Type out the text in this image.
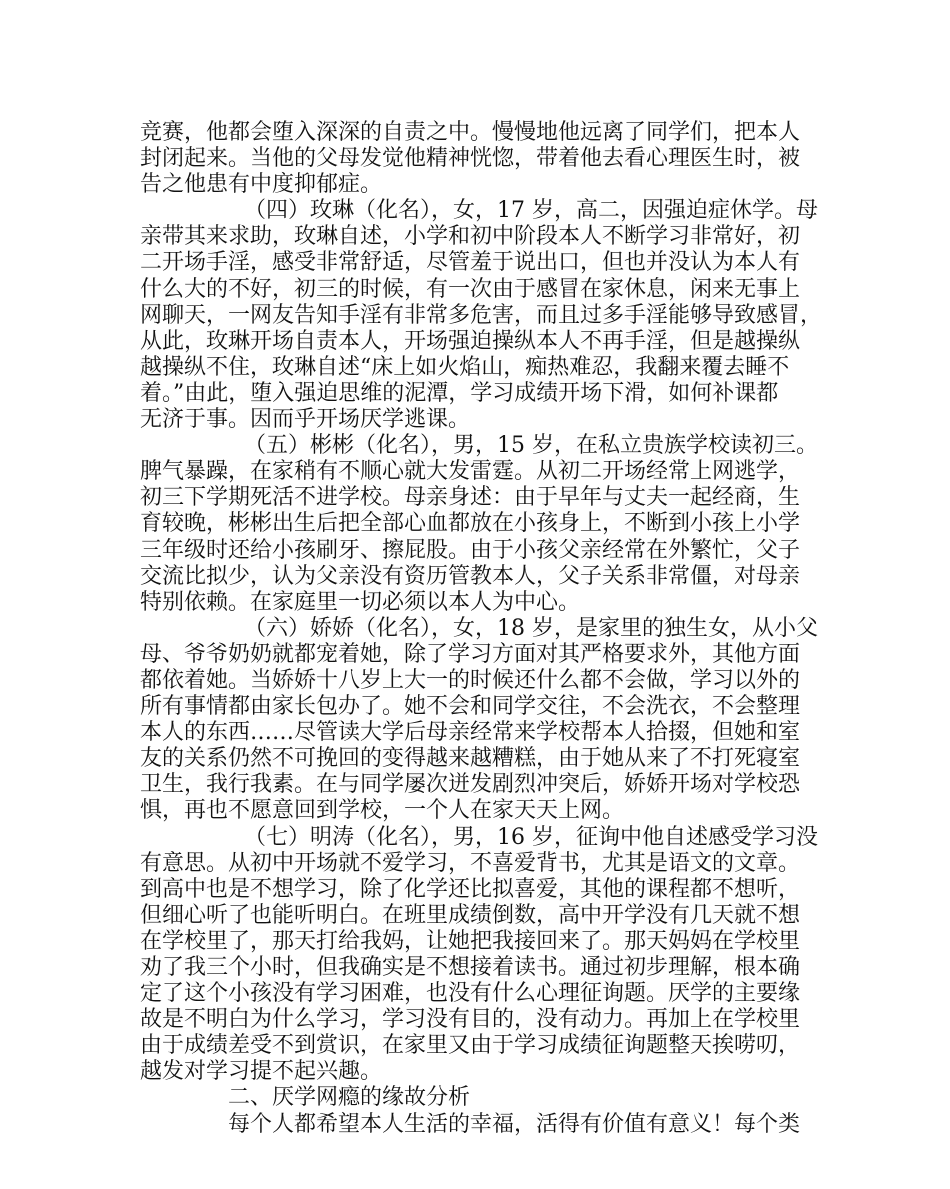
竞赛，他都会堕入深深的自责之中。慢慢地他远离了同学们，把本人
封闭起来。当他的父母发觉他精神恍惚，带着他去看心理医生时，被
告之他患有中度抑郁症。
（四）玫琳（化名），女，17 岁，高二，因强迫症休学。母
亲带其来求助，玫琳自述，小学和初中阶段本人不断学习非常好，初
二开场手淫，感受非常舒适，尽管羞于说出口，但也并没认为本人有
什么大的不好，初三的时候，有一次由于感冒在家休息，闲来无事上
网聊天，一网友告知手淫有非常多危害，而且过多手淫能够导致感冒，
从此，玫琳开场自责本人，开场强迫操纵本人不再手淫，但是越操纵
越操纵不住，玫琳自述“床上如火焰山，痴热难忍，我翻来覆去睡不
着。”由此，堕入强迫思维的泥潭，学习成绩开场下滑，如何补课都
无济于事。因而乎开场厌学逃课。
（五）彬彬（化名），男，15 岁，在私立贵族学校读初三。
脾气暴躁，在家稍有不顺心就大发雷霆。从初二开场经常上网逃学，
初三下学期死活不进学校。母亲身述：由于早年与丈夫一起经商，生
育较晚，彬彬出生后把全部心血都放在小孩身上，不断到小孩上小学
三年级时还给小孩刷牙、擦屁股。由于小孩父亲经常在外繁忙，父子
交流比拟少，认为父亲没有资历管教本人，父子关系非常僵，对母亲
特别依赖。在家庭里一切必须以本人为中心。
（六）娇娇（化名），女，18 岁，是家里的独生女，从小父
母、爷爷奶奶就都宠着她，除了学习方面对其严格要求外，其他方面
都依着她。当娇娇十八岁上大一的时候还什么都不会做，学习以外的
所有事情都由家长包办了。她不会和同学交往，不会洗衣，不会整理
本人的东西……尽管读大学后母亲经常来学校帮本人拾掇，但她和室
友的关系仍然不可挽回的变得越来越糟糕，由于她从来了不打死寝室
卫生，我行我素。在与同学屡次迸发剧烈冲突后，娇娇开场对学校恐
惧，再也不愿意回到学校，一个人在家天天上网。
（七）明涛（化名），男，16 岁，征询中他自述感受学习没
有意思。从初中开场就不爱学习，不喜爱背书，尤其是语文的文章。
到高中也是不想学习，除了化学还比拟喜爱，其他的课程都不想听，
但细心听了也能听明白。在班里成绩倒数，高中开学没有几天就不想
在学校里了，那天打给我妈，让她把我接回来了。那天妈妈在学校里
劝了我三个小时，但我确实是不想接着读书。通过初步理解，根本确
定了这个小孩没有学习困难，也没有什么心理征询题。厌学的主要缘
故是不明白为什么学习，学习没有目的，没有动力。再加上在学校里
由于成绩差受不到赏识，在家里又由于学习成绩征询题整天挨唠叨，
越发对学习提不起兴趣。
二、厌学网瘾的缘故分析
每个人都希望本人生活的幸福，活得有价值有意义！每个类
